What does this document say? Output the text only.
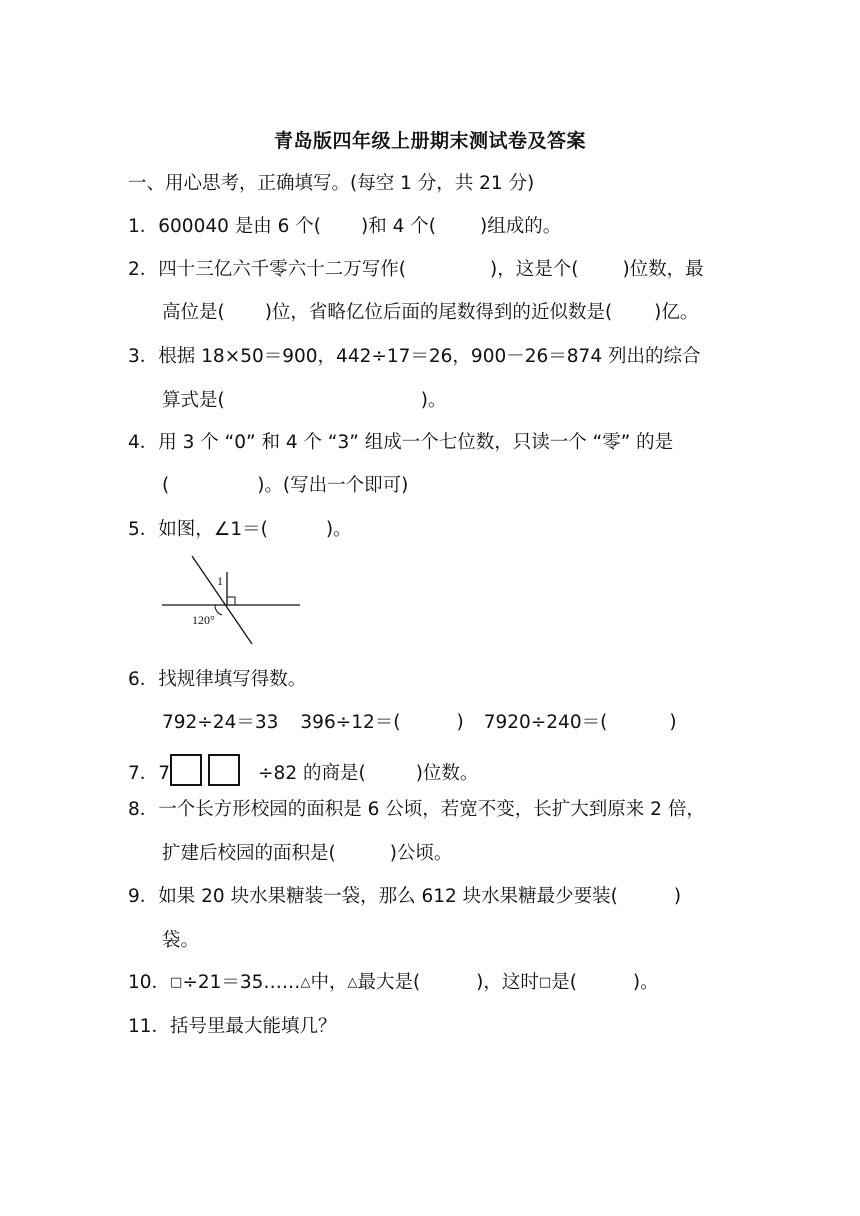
青岛版四年级上册期末测试卷及答案
一、用心思考，正确填写。(每空 1 分，共 21 分)
1．600040 是由 6 个( )和 4 个( )组成的。
2．四十三亿六千零六十二万写作(	)，这是个( )位数，最
高位是( )位，省略亿位后面的尾数得到的近似数是( )亿。
3．根据 18×50＝900，442÷17＝26，900－26＝874 列出的综合
算式是(	)。
4．用 3 个 “0” 和 4 个 “3” 组成一个七位数，只读一个 “零” 的是
(	)。(写出一个即可)
5．如图，∠1＝(	)。
1
120°
6．找规律填写得数。
792÷24＝33 396÷12＝(	) 7920÷240＝(	)
7．7	÷82 的商是(	)位数。
8．一个长方形校园的面积是 6 公顷，若宽不变，长扩大到原来 2 倍，
扩建后校园的面积是(	)公顷。
9．如果 20 块水果糖装一袋，那么 612 块水果糖最少要装(	)
袋。
10．□÷21＝35……△中，△最大是(	)，这时□是(	)。
11．括号里最大能填几？
